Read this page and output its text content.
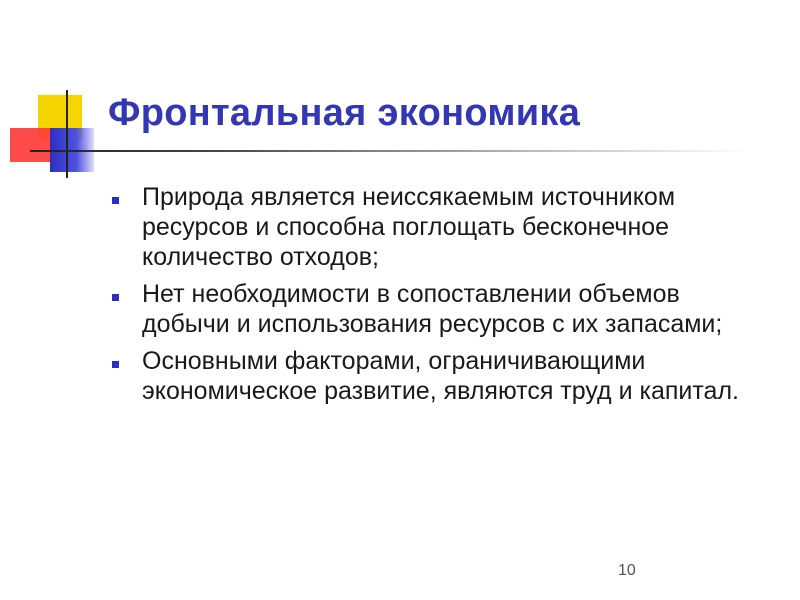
Фронтальная экономика
Природа является неиссякаемым источником ресурсов и способна поглощать бесконечное количество отходов;
Нет необходимости в сопоставлении объемов добычи и использования ресурсов с их запасами;
Основными факторами, ограничивающими экономическое развитие, являются труд и капитал.
10
